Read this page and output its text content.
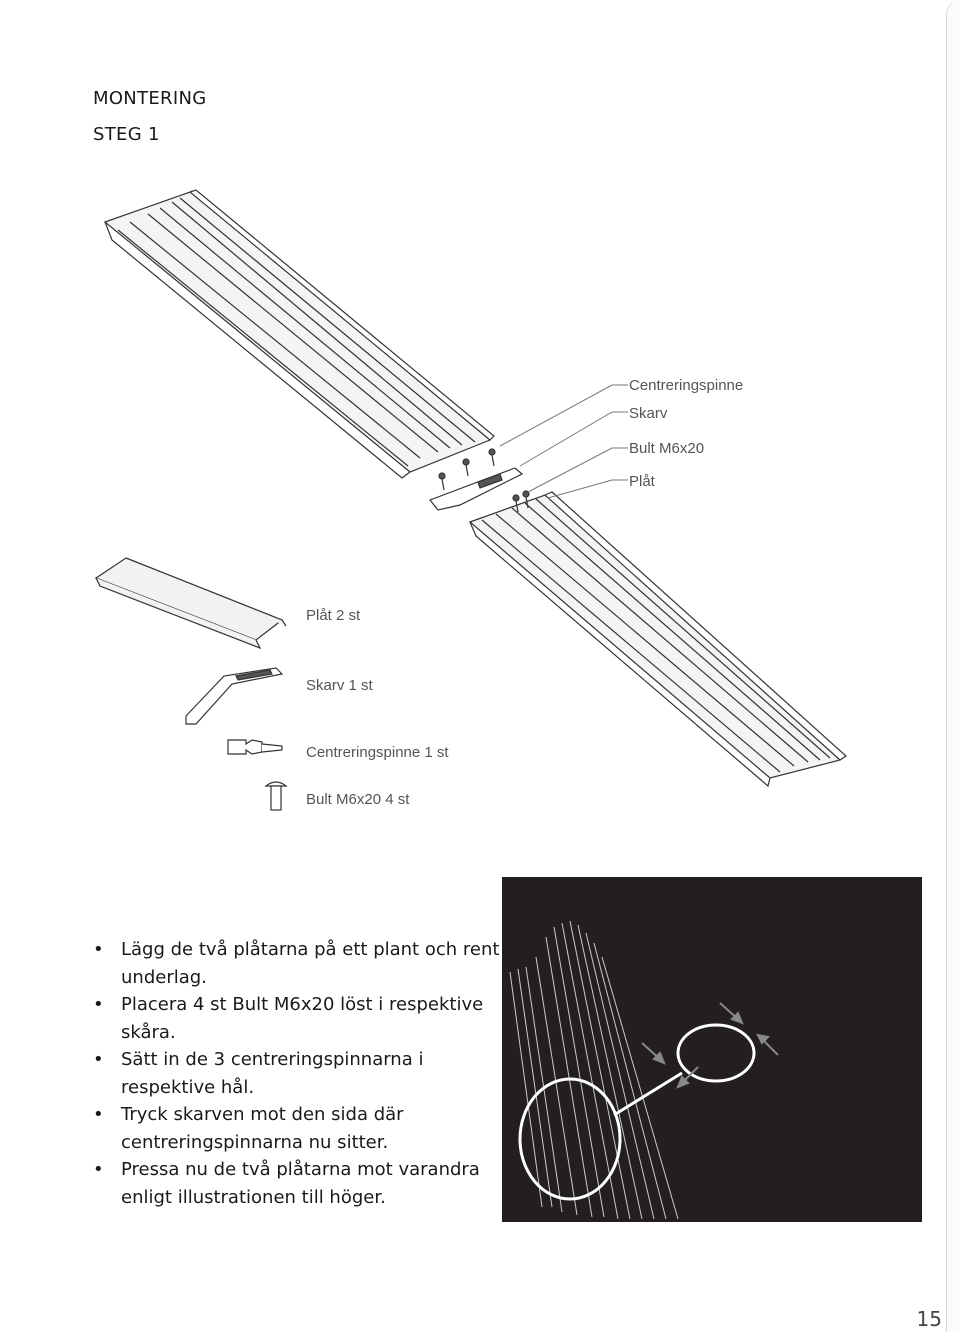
MONTERING
STEG 1
Centreringspinne
Skarv
Bult M6x20
Plåt
Plåt 2 st
Skarv 1 st
Centreringspinne 1 st
Bult M6x20 4 st
• Lägg de två plåtarna på ett plant och rent underlag.
• Placera 4 st Bult M6x20 löst i respektive skåra.
• Sätt in de 3 centreringspinnarna i respektive hål.
• Tryck skarven mot den sida där centreringspinnarna nu sitter.
• Pressa nu de två plåtarna mot varandra enligt illustrationen till höger.
15
